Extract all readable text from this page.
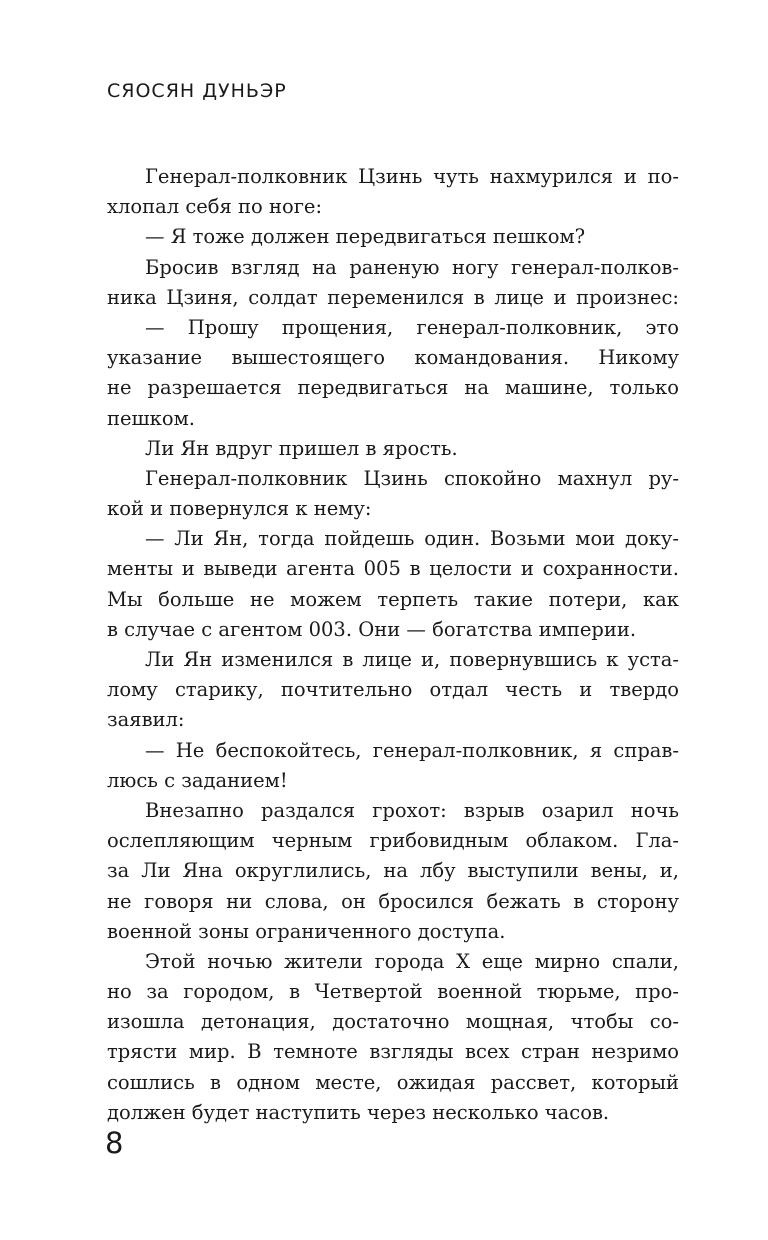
СЯОСЯН ДУНЬЭР
Генерал-полковник Цзинь чуть нахмурился и по-
хлопал себя по ноге:
— Я тоже должен передвигаться пешком?
Бросив взгляд на раненую ногу генерал-полков-
ника Цзиня, солдат переменился в лице и произнес:
— Прошу прощения, генерал-полковник, это
указание вышестоящего командования. Никому
не разрешается передвигаться на машине, только
пешком.
Ли Ян вдруг пришел в ярость.
Генерал-полковник Цзинь спокойно махнул ру-
кой и повернулся к нему:
— Ли Ян, тогда пойдешь один. Возьми мои доку-
менты и выведи агента 005 в целости и сохранности.
Мы больше не можем терпеть такие потери, как
в случае с агентом 003. Они — богатства империи.
Ли Ян изменился в лице и, повернувшись к уста-
лому старику, почтительно отдал честь и твердо
заявил:
— Не беспокойтесь, генерал-полковник, я справ-
люсь с заданием!
Внезапно раздался грохот: взрыв озарил ночь
ослепляющим черным грибовидным облаком. Гла-
за Ли Яна округлились, на лбу выступили вены, и,
не говоря ни слова, он бросился бежать в сторону
военной зоны ограниченного доступа.
Этой ночью жители города X еще мирно спали,
но за городом, в Четвертой военной тюрьме, про-
изошла детонация, достаточно мощная, чтобы со-
трясти мир. В темноте взгляды всех стран незримо
сошлись в одном месте, ожидая рассвет, который
должен будет наступить через несколько часов.
8
